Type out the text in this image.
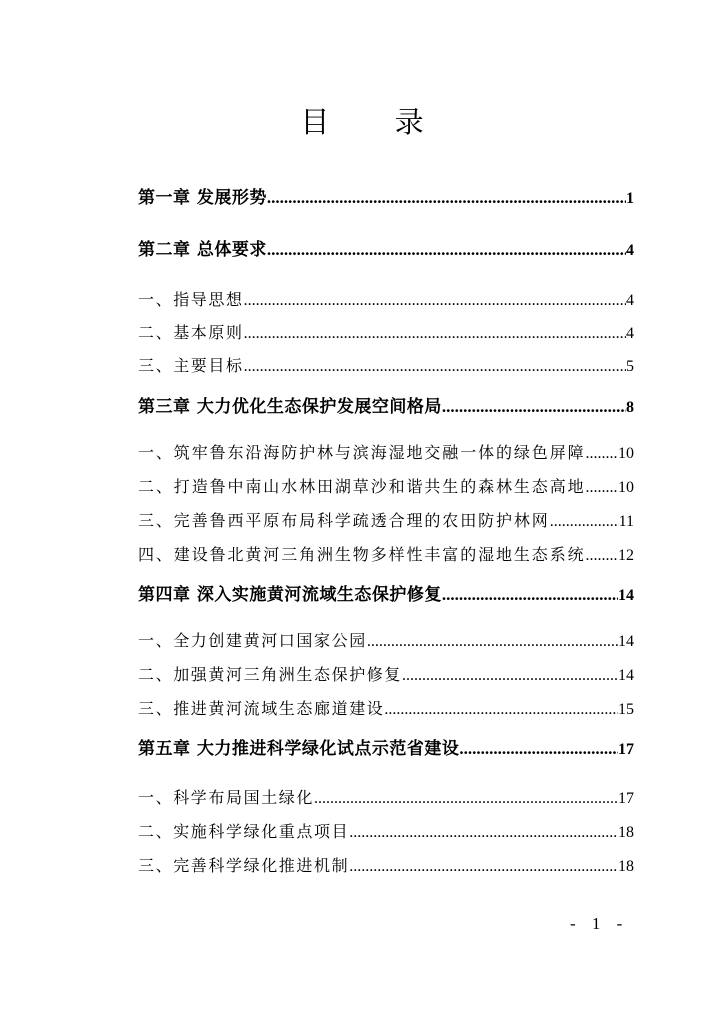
目 录
第一章 发展形势 .....	1
第二章 总体要求 .....	4
一、指导思想 .....	4
二、基本原则 .....	4
三、主要目标 .....	5
第三章 大力优化生态保护发展空间格局 .....	8
一、筑牢鲁东沿海防护林与滨海湿地交融一体的绿色屏障 ..... 10
二、打造鲁中南山水林田湖草沙和谐共生的森林生态高地 ..... 10
三、完善鲁西平原布局科学疏透合理的农田防护林网 .....	11
四、建设鲁北黄河三角洲生物多样性丰富的湿地生态系统 ..... 12
第四章 深入实施黄河流域生态保护修复 .....	14
一、全力创建黄河口国家公园 .....	14
二、加强黄河三角洲生态保护修复 .....	14
三、推进黄河流域生态廊道建设 .....	15
第五章 大力推进科学绿化试点示范省建设 .....	17
一、科学布局国土绿化 .....	17
二、实施科学绿化重点项目 .....	18
三、完善科学绿化推进机制 .....	18
- 1 -
